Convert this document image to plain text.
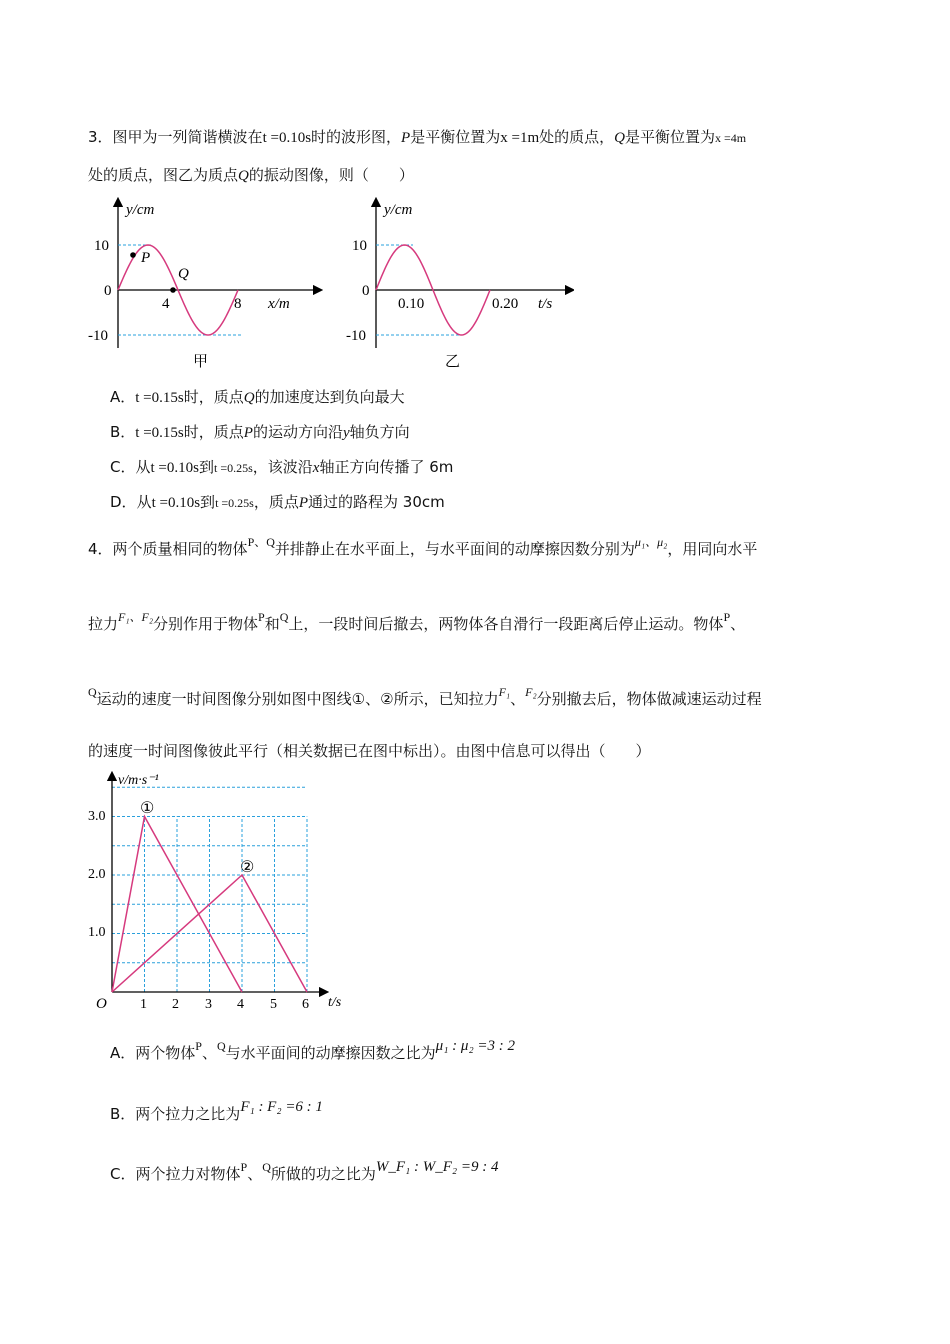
3．图甲为一列简谐横波在t =0.10s时的波形图，P是平衡位置为x =1m处的质点，Q是平衡位置为x =4m
处的质点，图乙为质点Q的振动图像，则（　　）
P
Q
y/cm
x/m
10
0
-10
4	8
甲
y/cm
t/s
10
0
-10
0.10	0.20
乙
A．t =0.15s时，质点Q的加速度达到负向最大
B．t =0.15s时，质点P的运动方向沿y轴负方向
C．从t =0.10s到t =0.25s，该波沿x轴正方向传播了 6m
D．从t =0.10s到t =0.25s，质点P通过的路程为 30cm
4．两个质量相同的物体$^{P、Q}$并排静止在水平面上，与水平面间的动摩擦因数分别为$^{\mu_1、\mu_2}$，用同向水平
拉力$^{F_1、F_2}$分别作用于物体$^P$和$^Q$上，一段时间后撤去，两物体各自滑行一段距离后停止运动。物体$^P$、
$^Q$运动的速度一时间图像分别如图中图线①、②所示，已知拉力$^{F_1}$、$^{F_2}$分别撤去后，物体做减速运动过程
的速度一时间图像彼此平行（相关数据已在图中标出）。由图中信息可以得出（　　）
v/m·s⁻¹
t/s
O
3.0
2.0
1.0
1 2 3 4 5 6
①
②
A．两个物体$^P$、$^Q$与水平面间的动摩擦因数之比为μ₁ : μ₂ =3 : 2
B．两个拉力之比为F₁ : F₂ =6 : 1
C．两个拉力对物体$^P$、$^Q$所做的功之比为W_F₁ : W_F₂ =9 : 4
